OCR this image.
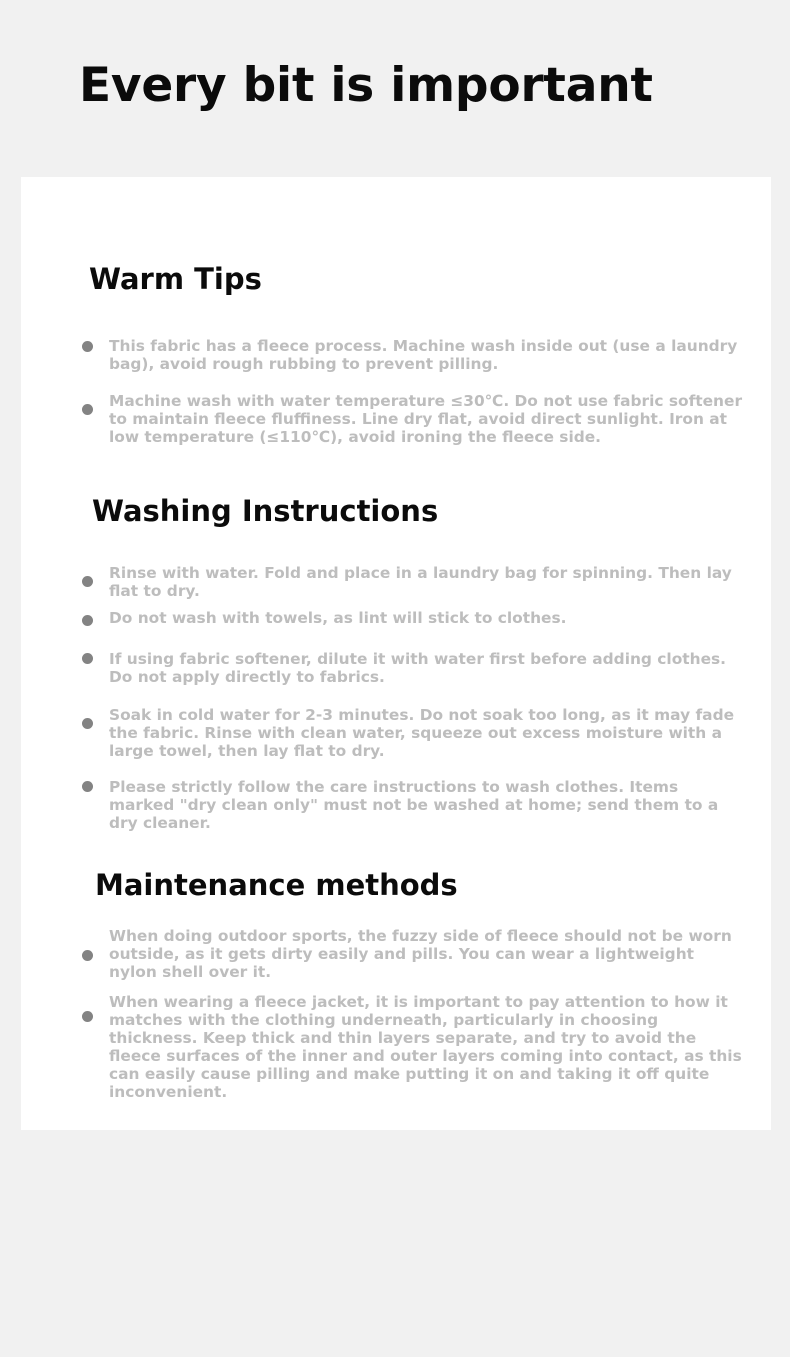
Every bit is important
Warm Tips

This fabric has a fleece process. Machine wash inside out (use a laundry bag), avoid rough rubbing to prevent pilling.

Machine wash with water temperature ≤30℃. Do not use fabric softener to maintain fleece fluffiness. Line dry flat, avoid direct sunlight. Iron at low temperature (≤110℃), avoid ironing the fleece side.

Washing Instructions

Rinse with water. Fold and place in a laundry bag for spinning. Then lay flat to dry.

Do not wash with towels, as lint will stick to clothes.

If using fabric softener, dilute it with water first before adding clothes. Do not apply directly to fabrics.

Soak in cold water for 2-3 minutes. Do not soak too long, as it may fade the fabric. Rinse with clean water, squeeze out excess moisture with a large towel, then lay flat to dry.

Please strictly follow the care instructions to wash clothes. Items marked "dry clean only" must not be washed at home; send them to a dry cleaner.

Maintenance methods

When doing outdoor sports, the fuzzy side of fleece should not be worn outside, as it gets dirty easily and pills. You can wear a lightweight nylon shell over it.

When wearing a fleece jacket, it is important to pay attention to how it matches with the clothing underneath, particularly in choosing thickness. Keep thick and thin layers separate, and try to avoid the fleece surfaces of the inner and outer layers coming into contact, as this can easily cause pilling and make putting it on and taking it off quite inconvenient.
